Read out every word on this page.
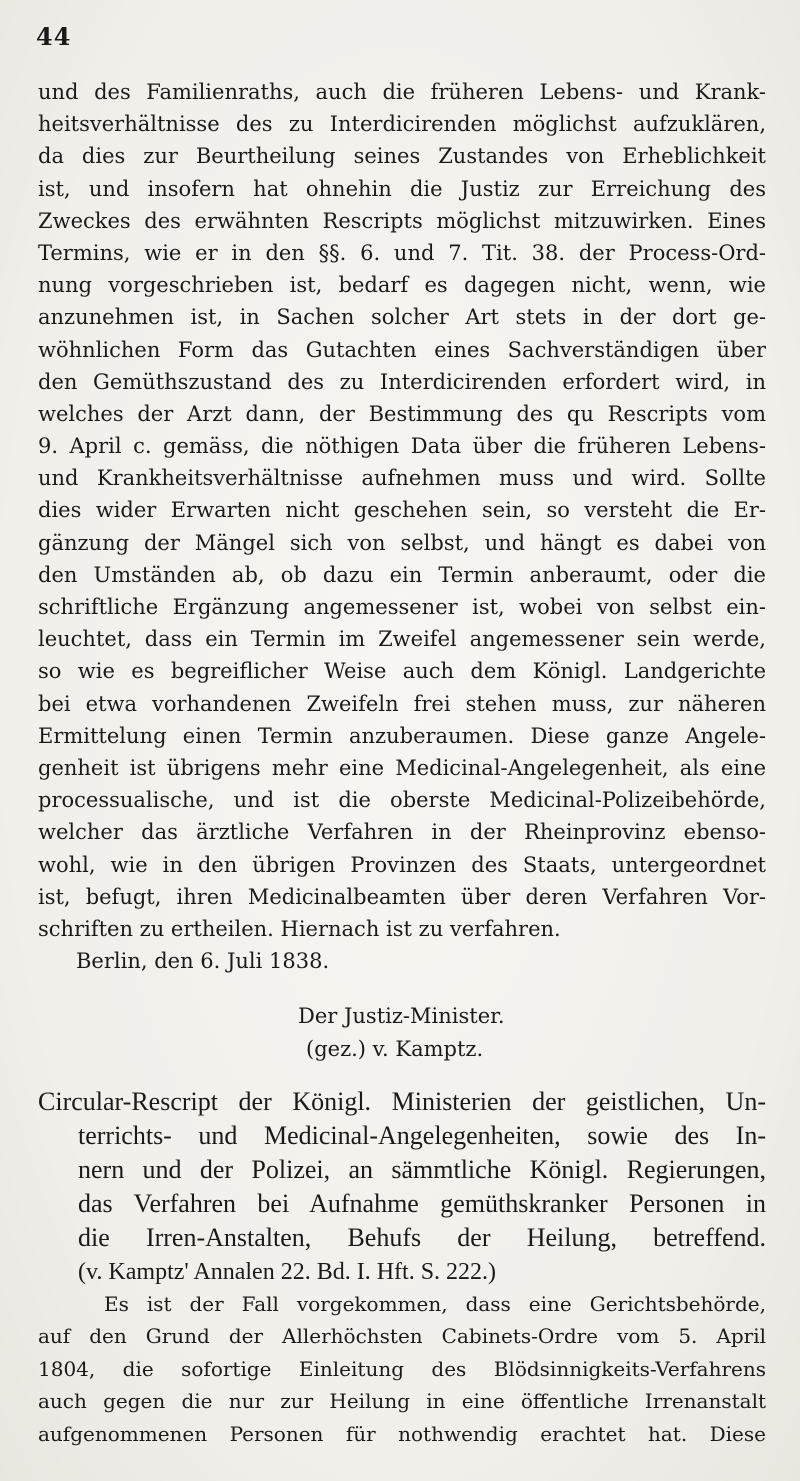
44
und des Familienraths, auch die früheren Lebens- und Krank-
heitsverhältnisse des zu Interdicirenden möglichst aufzuklären,
da dies zur Beurtheilung seines Zustandes von Erheblichkeit
ist, und insofern hat ohnehin die Justiz zur Erreichung des
Zweckes des erwähnten Rescripts möglichst mitzuwirken. Eines
Termins, wie er in den §§. 6. und 7. Tit. 38. der Process-Ord-
nung vorgeschrieben ist, bedarf es dagegen nicht, wenn, wie
anzunehmen ist, in Sachen solcher Art stets in der dort ge-
wöhnlichen Form das Gutachten eines Sachverständigen über
den Gemüthszustand des zu Interdicirenden erfordert wird, in
welches der Arzt dann, der Bestimmung des qu Rescripts vom
9. April c. gemäss, die nöthigen Data über die früheren Lebens-
und Krankheitsverhältnisse aufnehmen muss und wird. Sollte
dies wider Erwarten nicht geschehen sein, so versteht die Er-
gänzung der Mängel sich von selbst, und hängt es dabei von
den Umständen ab, ob dazu ein Termin anberaumt, oder die
schriftliche Ergänzung angemessener ist, wobei von selbst ein-
leuchtet, dass ein Termin im Zweifel angemessener sein werde,
so wie es begreiflicher Weise auch dem Königl. Landgerichte
bei etwa vorhandenen Zweifeln frei stehen muss, zur näheren
Ermittelung einen Termin anzuberaumen. Diese ganze Angele-
genheit ist übrigens mehr eine Medicinal-Angelegenheit, als eine
processualische, und ist die oberste Medicinal-Polizeibehörde,
welcher das ärztliche Verfahren in der Rheinprovinz ebenso-
wohl, wie in den übrigen Provinzen des Staats, untergeordnet
ist, befugt, ihren Medicinalbeamten über deren Verfahren Vor-
schriften zu ertheilen. Hiernach ist zu verfahren.
Berlin, den 6. Juli 1838.
Der Justiz-Minister.
(gez.) v. Kamptz.
Circular-Rescript der Königl. Ministerien der geistlichen, Un-
terrichts- und Medicinal-Angelegenheiten, sowie des In-
nern und der Polizei, an sämmtliche Königl. Regierungen,
das Verfahren bei Aufnahme gemüthskranker Personen in
die Irren-Anstalten, Behufs der Heilung, betreffend.
(v. Kamptz' Annalen 22. Bd. I. Hft. S. 222.)
Es ist der Fall vorgekommen, dass eine Gerichtsbehörde,
auf den Grund der Allerhöchsten Cabinets-Ordre vom 5. April
1804, die sofortige Einleitung des Blödsinnigkeits-Verfahrens
auch gegen die nur zur Heilung in eine öffentliche Irrenanstalt
aufgenommenen Personen für nothwendig erachtet hat. Diese
